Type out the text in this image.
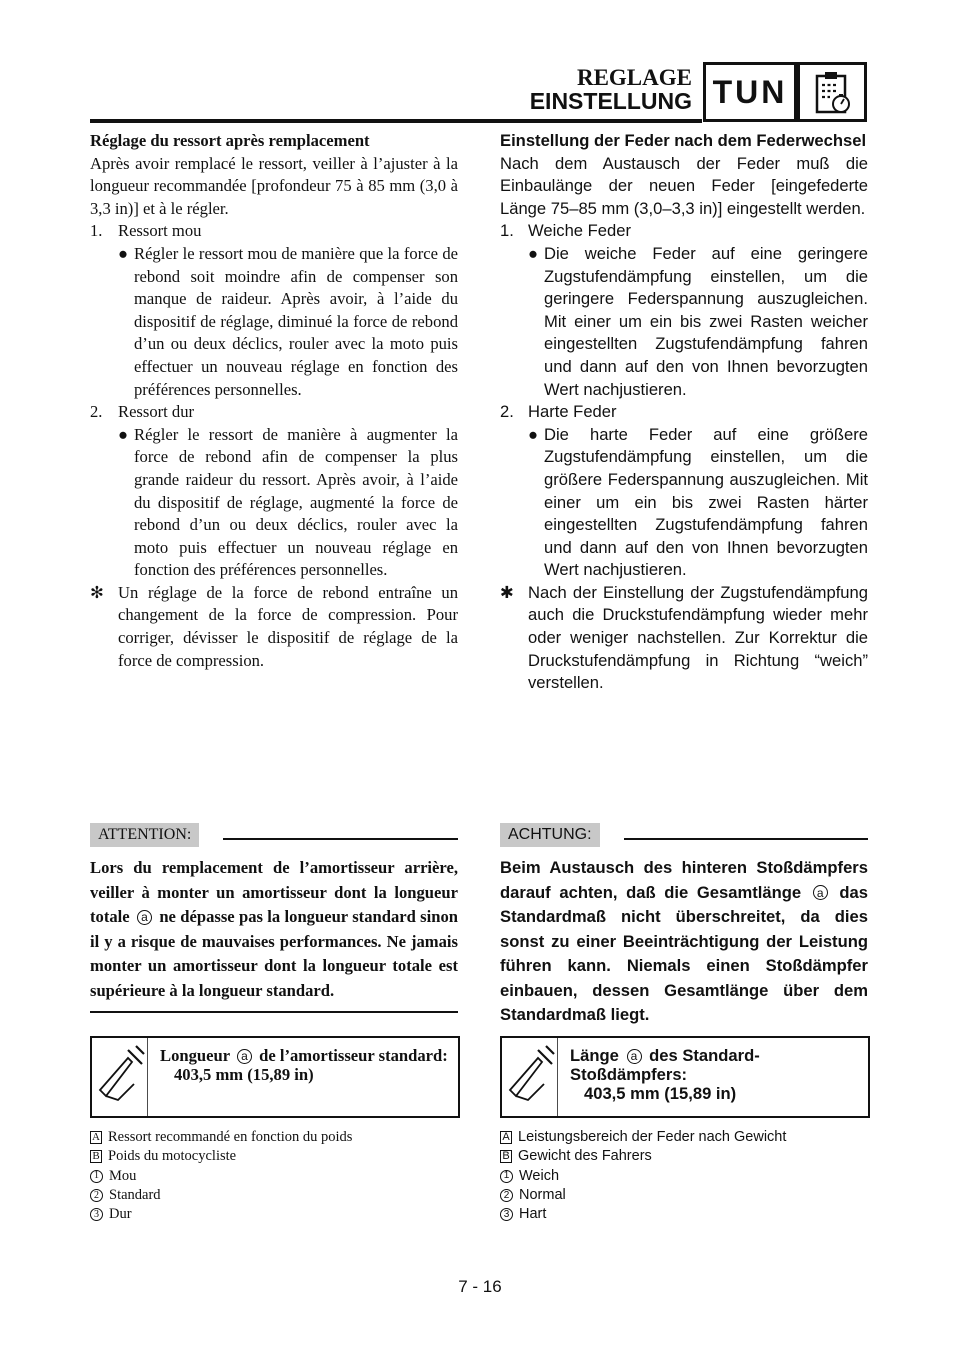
REGLAGE
EINSTELLUNG TUN

Réglage du ressort après remplacement

Après avoir remplacé le ressort, veiller à l’ajuster à la longueur recommandée [profondeur 75 à 85 mm (3,0 à 3,3 in)] et à le régler.

1. Ressort mou
● Régler le ressort mou de manière que la force de rebond soit moindre afin de compenser son manque de raideur. Après avoir, à l’aide du dispositif de réglage, diminué la force de rebond d’un ou deux déclics, rouler avec la moto puis effectuer un nouveau réglage en fonction des préférences personnelles.
2. Ressort dur
● Régler le ressort de manière à augmenter la force de rebond afin de compenser la plus grande raideur du ressort. Après avoir, à l’aide du dispositif de réglage, augmenté la force de rebond d’un ou deux déclics, rouler avec la moto puis effectuer un nouveau réglage en fonction des préférences personnelles.
✻ Un réglage de la force de rebond entraîne un changement de la force de compression. Pour corriger, dévisser le dispositif de réglage de la force de compression.

Einstellung der Feder nach dem Federwechsel

Nach dem Austausch der Feder muß die Einbaulänge der neuen Feder [eingefederte Länge 75–85 mm (3,0–3,3 in)] eingestellt werden.

1. Weiche Feder
● Die weiche Feder auf eine geringere Zugstufendämpfung einstellen, um die geringere Federspannung auszugleichen. Mit einer um ein bis zwei Rasten weicher eingestellten Zugstufendämpfung fahren und dann auf den von Ihnen bevorzugten Wert nachjustieren.
2. Harte Feder
● Die harte Feder auf eine größere Zugstufendämpfung einstellen, um die größere Federspannung auszugleichen. Mit einer um ein bis zwei Rasten härter eingestellten Zugstufendämpfung fahren und dann auf den von Ihnen bevorzugten Wert nachjustieren.
✱ Nach der Einstellung der Zugstufendämpfung auch die Druckstufendämpfung wieder mehr oder weniger nachstellen. Zur Korrektur die Druckstufendämpfung in Richtung “weich” verstellen.
ATTENTION:
Lors du remplacement de l’amortisseur arrière, veiller à monter un amortisseur dont la longueur totale a ne dépasse pas la longueur standard sinon il y a risque de mauvaises performances. Ne jamais monter un amortisseur dont la longueur totale est supérieure à la longueur standard.
ACHTUNG:
Beim Austausch des hinteren Stoßdämpfers darauf achten, daß die Gesamtlänge a das Standardmaß nicht überschreitet, da dies sonst zu einer Beeinträchtigung der Leistung führen kann. Niemals einen Stoßdämpfer einbauen, dessen Gesamtlänge über dem Standardmaß liegt.
Longueur a de l’amortisseur standard:
403,5 mm (15,89 in)
Länge a des Standard-Stoßdämpfers:
403,5 mm (15,89 in)
A Ressort recommandé en fonction du poids
B Poids du motocycliste
1 Mou
2 Standard
3 Dur
A Leistungsbereich der Feder nach Gewicht
B Gewicht des Fahrers
1 Weich
2 Normal
3 Hart
7 - 16
